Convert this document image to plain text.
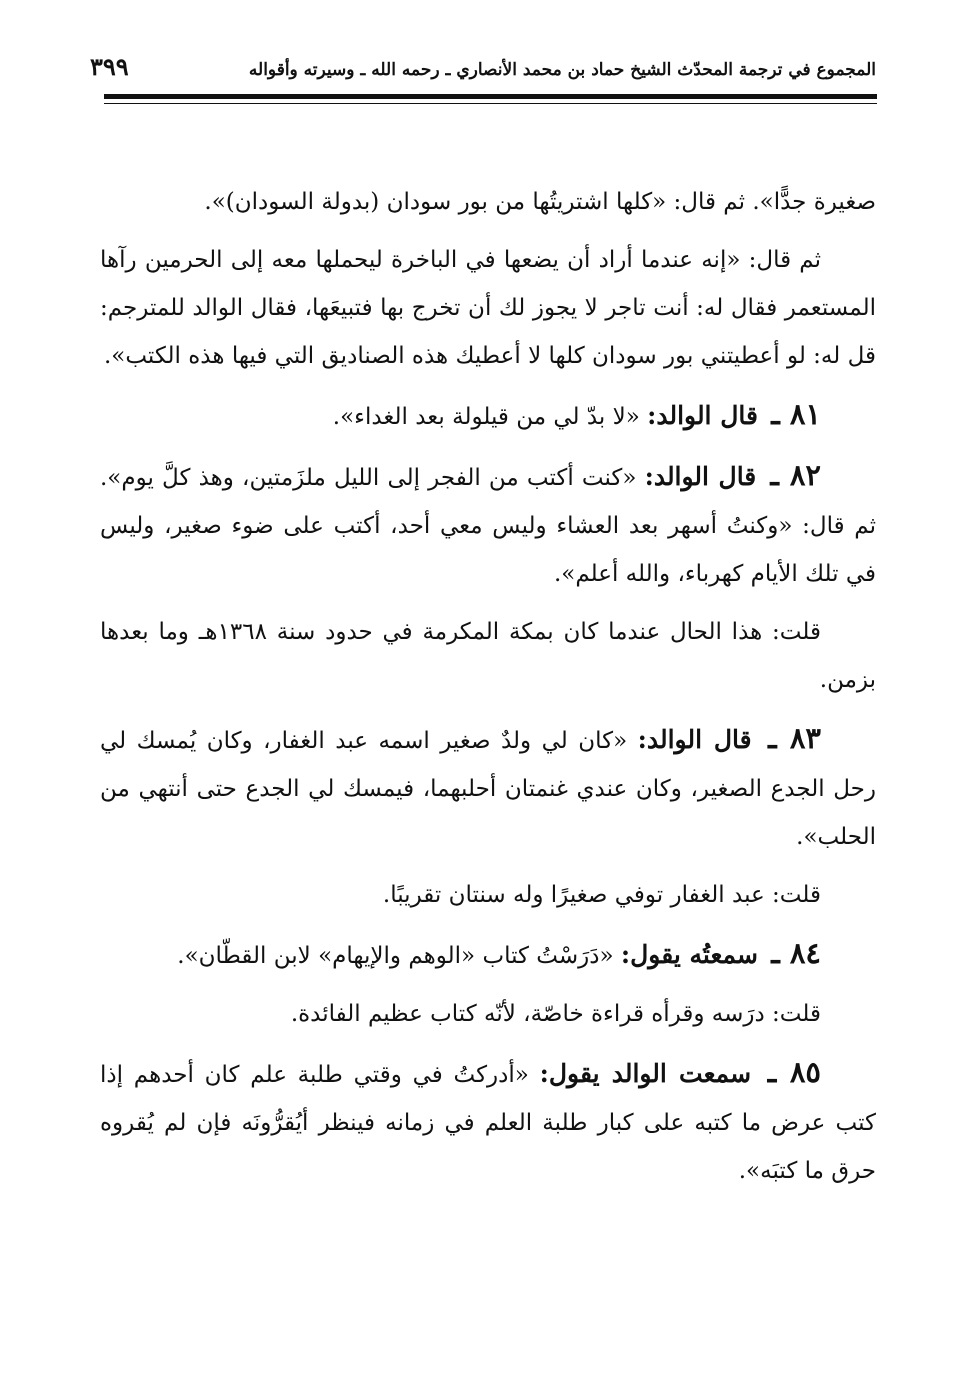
المجموع في ترجمة المحدّث الشيخ حماد بن محمد الأنصاري ـ رحمه الله ـ وسيرته وأقواله
٣٩٩

صغيرة جدًّا». ثم قال: «كلها اشتريتُها من بور سودان (بدولة السودان)».

ثم قال: «إنه عندما أراد أن يضعها في الباخرة ليحملها معه إلى الحرمين رآها المستعمر فقال له: أنت تاجر لا يجوز لك أن تخرج بها فتبيعَها، فقال الوالد للمترجم: قل له: لو أعطيتني بور سودان كلها لا أعطيك هذه الصناديق التي فيها هذه الكتب».

٨١ ـ قال الوالد: «لا بدّ لي من قيلولة بعد الغداء».

٨٢ ـ قال الوالد: «كنت أكتب من الفجر إلى الليل ملزَمتين، وهذ كلَّ يوم». ثم قال: «وكنتُ أسهر بعد العشاء وليس معي أحد، أكتب على ضوء صغير، وليس في تلك الأيام كهرباء، والله أعلم».

قلت: هذا الحال عندما كان بمكة المكرمة في حدود سنة ١٣٦٨هـ وما بعدها بزمن.

٨٣ ـ قال الوالد: «كان لي ولدٌ صغير اسمه عبد الغفار، وكان يُمسك لي رحل الجدع الصغير، وكان عندي غنمتان أحلبهما، فيمسك لي الجدع حتى أنتهي من الحلب».

قلت: عبد الغفار توفي صغيرًا وله سنتان تقريبًا.

٨٤ ـ سمعتُه يقول: «دَرَسْتُ كتاب «الوهم والإيهام» لابن القطّان».

قلت: درَسه وقرأه قراءة خاصّة، لأنّه كتاب عظيم الفائدة.

٨٥ ـ سمعت الوالد يقول: «أدركتُ في وقتي طلبة علم كان أحدهم إذا كتب عرض ما كتبه على كبار طلبة العلم في زمانه فينظر أيُقرُّونَه فإن لم يُقروه حرق ما كتبَه».
